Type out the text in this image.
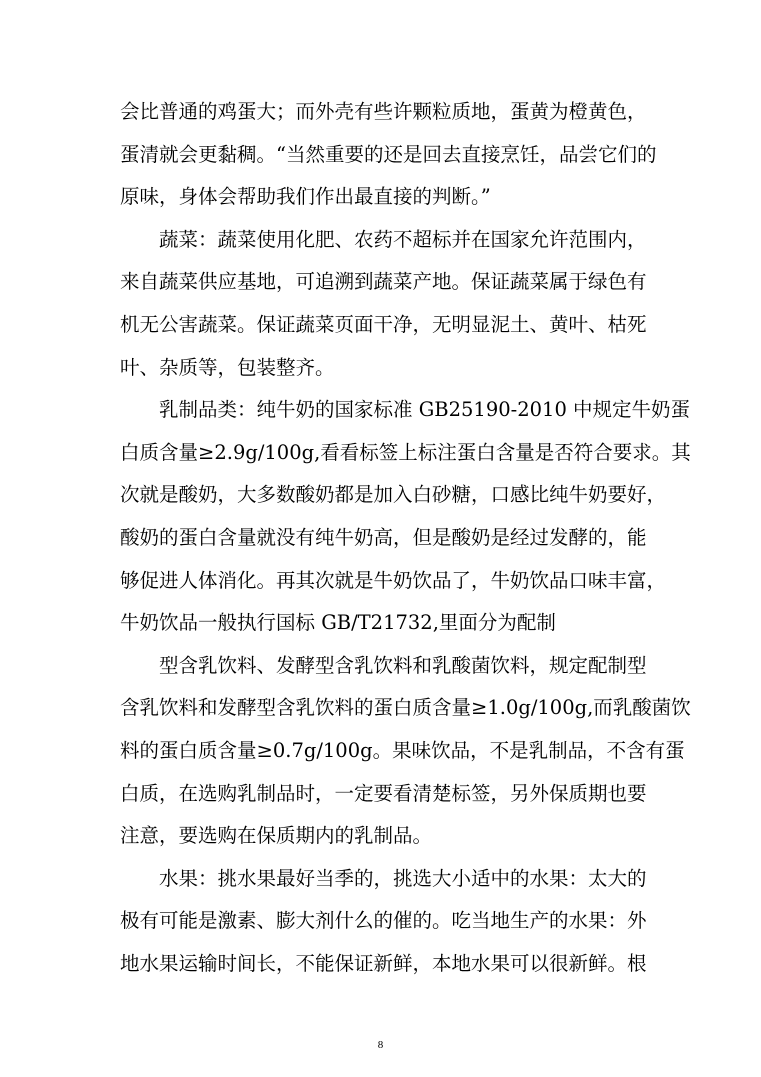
会比普通的鸡蛋大；而外壳有些许颗粒质地，蛋黄为橙黄色，
蛋清就会更黏稠。“当然重要的还是回去直接烹饪，品尝它们的
原味，身体会帮助我们作出最直接的判断。”
蔬菜：蔬菜使用化肥、农药不超标并在国家允许范围内，
来自蔬菜供应基地，可追溯到蔬菜产地。保证蔬菜属于绿色有
机无公害蔬菜。保证蔬菜页面干净，无明显泥土、黄叶、枯死
叶、杂质等，包装整齐。
乳制品类：纯牛奶的国家标准 GB25190-2010 中规定牛奶蛋
白质含量≥2.9g/100g,看看标签上标注蛋白含量是否符合要求。其
次就是酸奶，大多数酸奶都是加入白砂糖，口感比纯牛奶要好，
酸奶的蛋白含量就没有纯牛奶高，但是酸奶是经过发酵的，能
够促进人体消化。再其次就是牛奶饮品了，牛奶饮品口味丰富，
牛奶饮品一般执行国标 GB/T21732,里面分为配制
型含乳饮料、发酵型含乳饮料和乳酸菌饮料，规定配制型
含乳饮料和发酵型含乳饮料的蛋白质含量≥1.0g/100g,而乳酸菌饮
料的蛋白质含量≥0.7g/100g。果味饮品，不是乳制品，不含有蛋
白质，在选购乳制品时，一定要看清楚标签，另外保质期也要
注意，要选购在保质期内的乳制品。
水果：挑水果最好当季的，挑选大小适中的水果：太大的
极有可能是激素、膨大剂什么的催的。吃当地生产的水果：外
地水果运输时间长，不能保证新鲜，本地水果可以很新鲜。根
8
